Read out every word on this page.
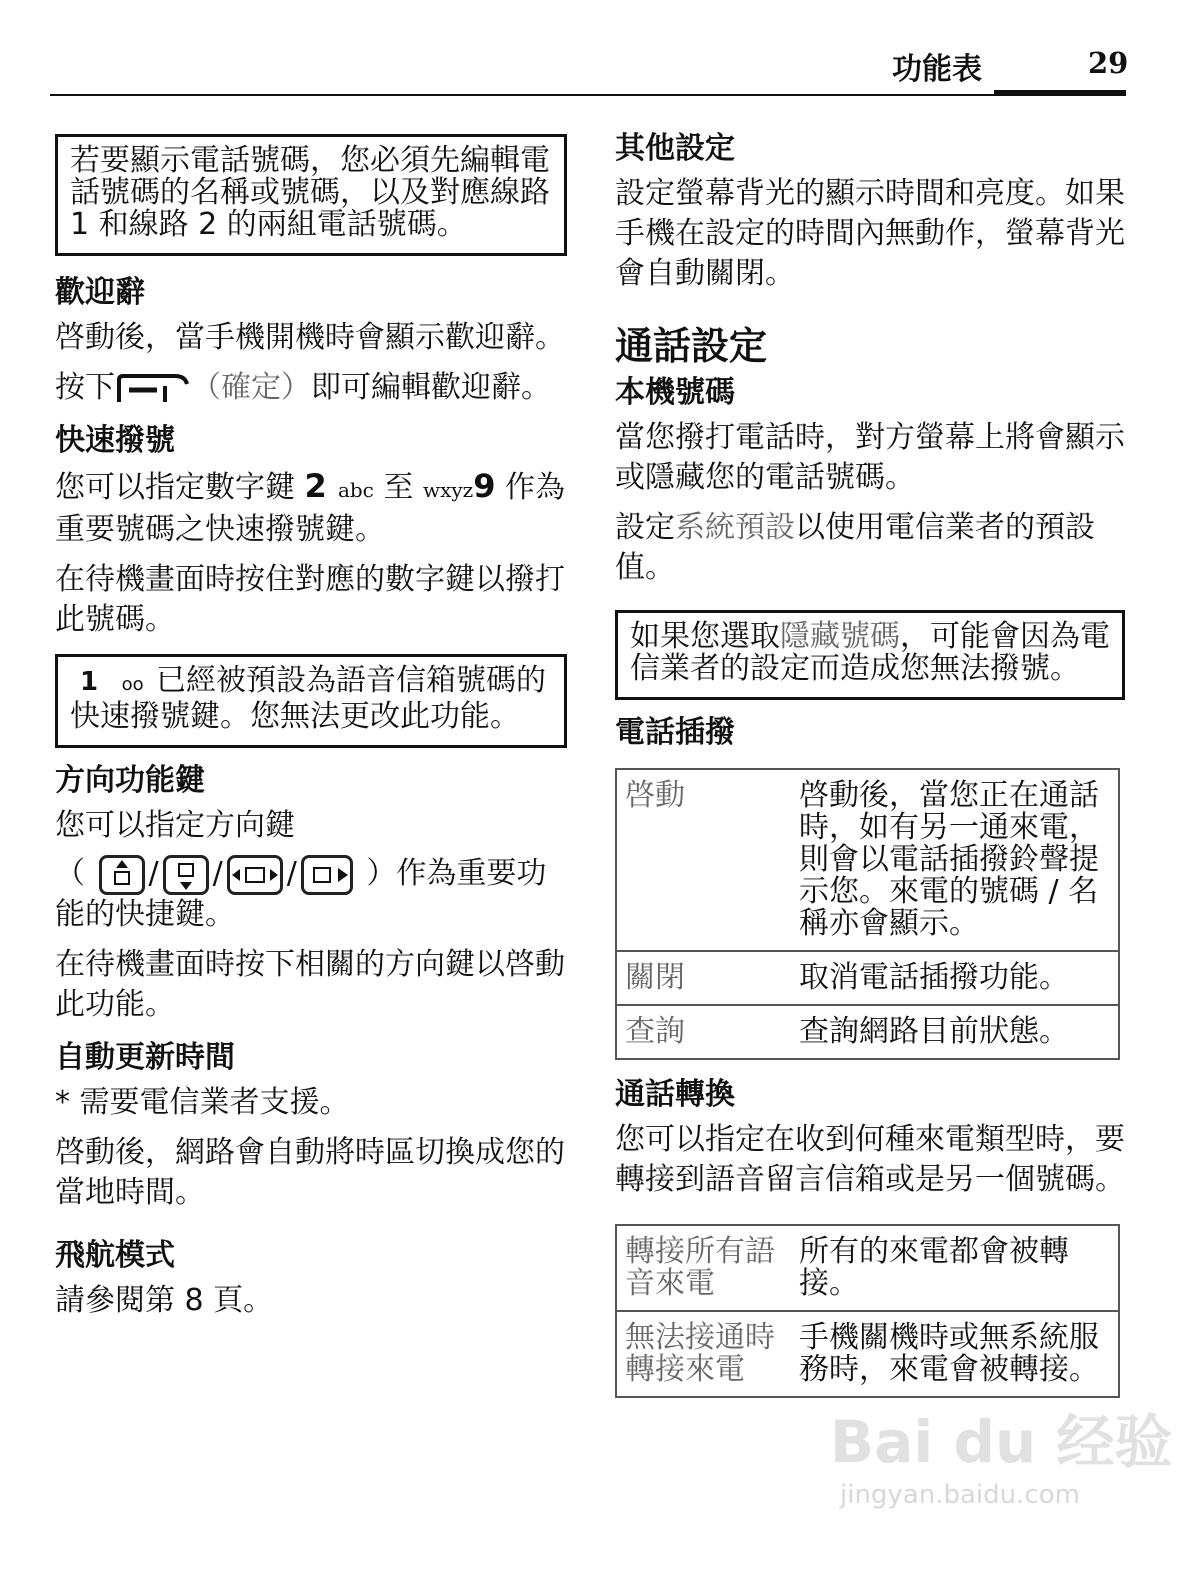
功能表	29
若要顯示電話號碼，您必須先編輯電話號碼的名稱或號碼，以及對應線路 1 和線路 2 的兩組電話號碼。
歡迎辭
啓動後，當手機開機時會顯示歡迎辭。
按下	（確定）即可編輯歡迎辭。
快速撥號
您可以指定數字鍵 2 abc 至 wxyz9 作為重要號碼之快速撥號鍵。
在待機畫面時按住對應的數字鍵以撥打此號碼。
1 oo 已經被預設為語音信箱號碼的快速撥號鍵。您無法更改此功能。
方向功能鍵
您可以指定方向鍵
（ / / / ）作為重要功能的快捷鍵。
在待機畫面時按下相關的方向鍵以啓動此功能。
自動更新時間
* 需要電信業者支援。
啓動後，網路會自動將時區切換成您的當地時間。
飛航模式
請參閱第 8 頁。
其他設定
設定螢幕背光的顯示時間和亮度。如果手機在設定的時間內無動作，螢幕背光會自動關閉。
通話設定
本機號碼
當您撥打電話時，對方螢幕上將會顯示或隱藏您的電話號碼。
設定系統預設以使用電信業者的預設值。
如果您選取隱藏號碼，可能會因為電信業者的設定而造成您無法撥號。
電話插撥
啓動	啓動後，當您正在通話時，如有另一通來電，則會以電話插撥鈴聲提示您。來電的號碼 / 名稱亦會顯示。
關閉	取消電話插撥功能。
查詢	查詢網路目前狀態。
通話轉換
您可以指定在收到何種來電類型時，要轉接到語音留言信箱或是另一個號碼。
轉接所有語音來電	所有的來電都會被轉接。
無法接通時轉接來電	手機關機時或無系統服務時，來電會被轉接。
Bai du 经验
jingyan.baidu.com
